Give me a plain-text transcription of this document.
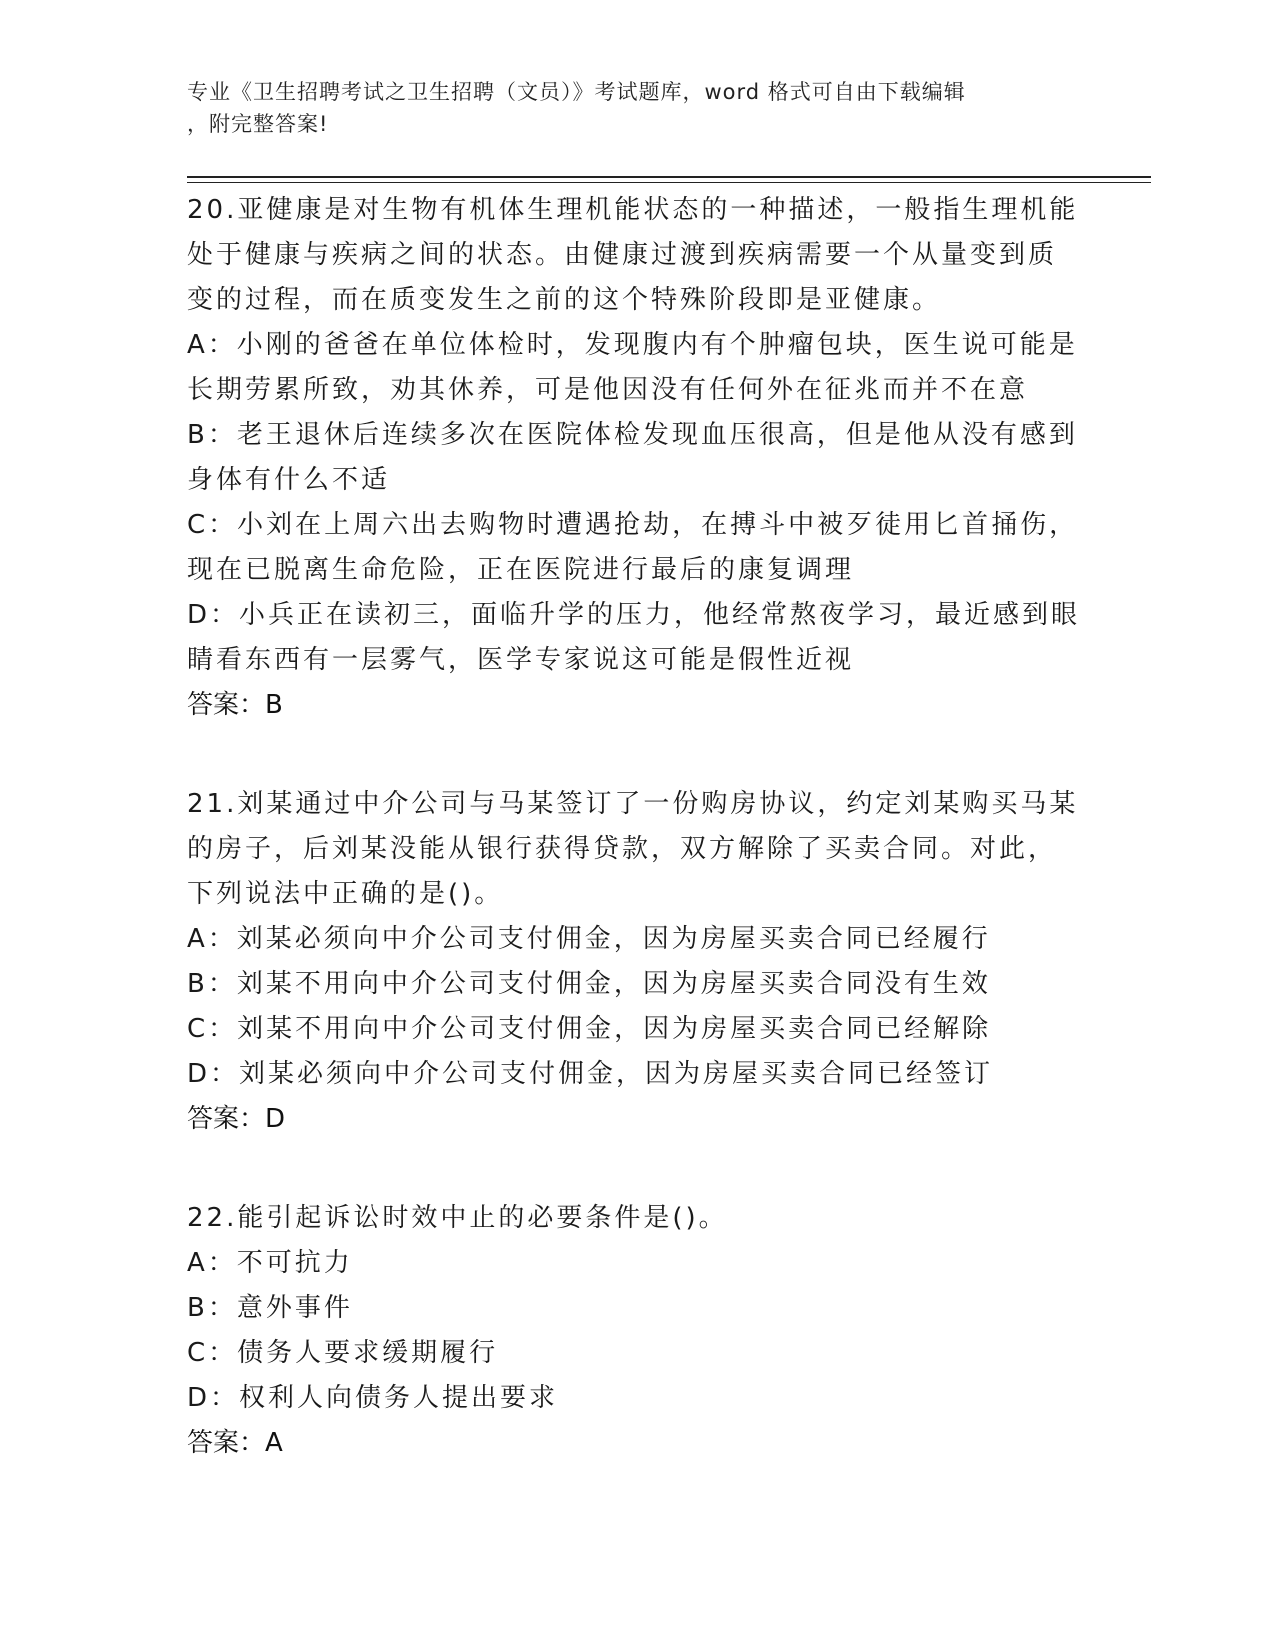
专业《卫生招聘考试之卫生招聘（文员）》考试题库，word 格式可自由下载编辑
，附完整答案!
20.亚健康是对生物有机体生理机能状态的一种描述，一般指生理机能
处于健康与疾病之间的状态。由健康过渡到疾病需要一个从量变到质
变的过程，而在质变发生之前的这个特殊阶段即是亚健康。
A：小刚的爸爸在单位体检时，发现腹内有个肿瘤包块，医生说可能是
长期劳累所致，劝其休养，可是他因没有任何外在征兆而并不在意
B：老王退休后连续多次在医院体检发现血压很高，但是他从没有感到
身体有什么不适
C：小刘在上周六出去购物时遭遇抢劫，在搏斗中被歹徒用匕首捅伤，
现在已脱离生命危险，正在医院进行最后的康复调理
D：小兵正在读初三，面临升学的压力，他经常熬夜学习，最近感到眼
睛看东西有一层雾气，医学专家说这可能是假性近视
答案：B
21.刘某通过中介公司与马某签订了一份购房协议，约定刘某购买马某
的房子，后刘某没能从银行获得贷款，双方解除了买卖合同。对此，
下列说法中正确的是()。
A：刘某必须向中介公司支付佣金，因为房屋买卖合同已经履行
B：刘某不用向中介公司支付佣金，因为房屋买卖合同没有生效
C：刘某不用向中介公司支付佣金，因为房屋买卖合同已经解除
D：刘某必须向中介公司支付佣金，因为房屋买卖合同已经签订
答案：D
22.能引起诉讼时效中止的必要条件是()。
A：不可抗力
B：意外事件
C：债务人要求缓期履行
D：权利人向债务人提出要求
答案：A
